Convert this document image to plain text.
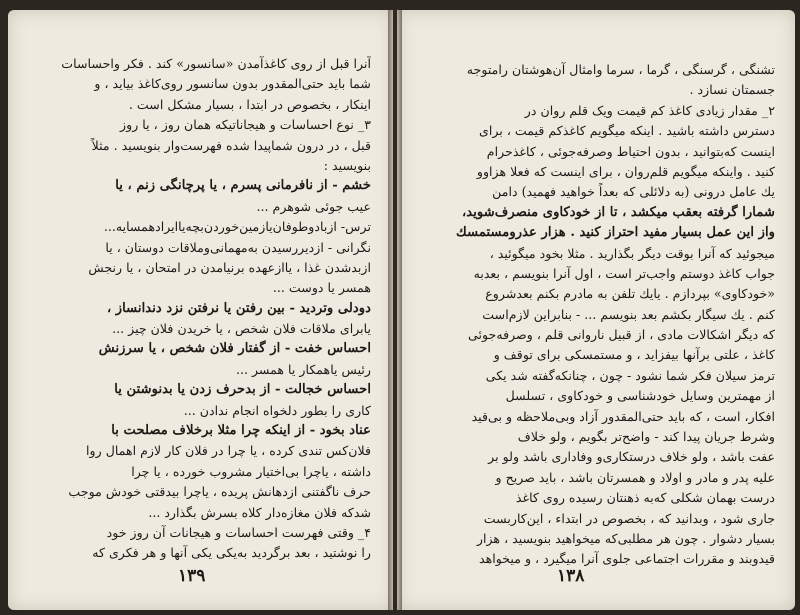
آنرا قبل از روی کاغذآمدن «سانسور» کند . فکر واحساسات
شما باید حتی‌المقدور بدون سانسور روی‌کاغذ بیاید ، و
اینکار ، بخصوص در ابتدا ، بسیار مشکل است .
۳_ نوع احساسات و هیجاناتیکه همان روز ، یا روز
قبل ، در درون شماپیدا شده فهرست‌وار بنویسید . مثلاً
بنویسید :
خشم - از نافرمانی پسرم ، یا پرچانگی زنم ، یا
عیب جوئی شوهرم ...
ترس- ازبادوطوفان‌یازمین‌خوردن‌بچه‌یاایرادهمسایه...
نگرانی - ازدیررسیدن به‌مهمانی‌وملاقات دوستان ، یا
ازبدشدن غذا ، یاازعهده برنیامدن در امتحان ، یا رنجش
همسر یا دوست ...
دودلی وتردید - بین رفتن یا نرفتن نزد دندانساز ،
یابرای ملاقات فلان شخص ، یا خریدن فلان چیز ...
احساس خفت - از گفتار فلان شخص ، یا سرزنش
رئیس یاهمکار یا همسر ...
احساس خجالت - از بدحرف زدن یا بدنوشتن یا
کاری را بطور دلخواه انجام ندادن ...
عناد بخود - از اینکه چرا مثلا برخلاف مصلحت با
فلان‌کس تندی کرده ، یا چرا در فلان کار لازم اهمال روا
داشته ، یاچرا بی‌اختیار مشروب خورده ، یا چرا
حرف ناگفتنی ازدهانش پریده ، یاچرا بیدقتی خودش موجب
شدکه فلان مغازه‌دار کلاه بسرش بگذارد ...
۴_ وقتی فهرست احساسات و هیجانات آن روز خود
را نوشتید ، بعد برگردید به‌یکی یکی آنها و هر فکری که
۱۳۹
تشنگی ، گرسنگی ، گرما ، سرما وامثال آن‌هوشتان رامتوجه
جسمتان نسازد .
۲_ مقدار زیادی کاغذ کم قیمت ویک قلم روان در
دسترس داشته باشید . اینکه میگویم کاغذکم قیمت ، برای
اینست که‌بتوانید ، بدون احتیاط وصرفه‌جوئی ، کاغذحرام
کنید . واینکه میگویم قلم‌روان ، برای اینست که فعلا هزاوو
یك عامل درونی (به دلائلی که بعداً خواهید فهمید) دامن
شمارا گرفته بعقب میکشد ، تا از خودکاوی منصرف‌شوید،
واز این عمل بسیار مفید احتراز کنید . هزار عذرومستمسك
میجوئید که آنرا بوقت دیگر بگذارید . مثلا بخود میگوئید ،
جواب کاغذ دوستم واجب‌تر است ، اول آنرا بنویسم ، بعدبه
«خودکاوی» بپردازم . یایك تلفن به مادرم بکنم بعدشروع
کنم . یك سیگار بکشم بعد بنویسم ... - بنابراین لازم‌است
که دیگر اشکالات مادی ، از قبیل ناروانی قلم ، وصرفه‌جوئی
کاغذ ، علتی برآنها بیفزاید ، و مستمسکی برای توقف و
ترمز سیلان فکر شما نشود - چون ، چنانکه‌گفته شد یکی
از مهمترین وسایل خودشناسی و خودکاوی ، تسلسل
افکار، است ، که باید حتی‌المقدور آزاد وبی‌ملاحظه و بی‌قید
وشرط جریان پیدا کند - واضح‌تر بگویم ، ولو خلاف
عفت باشد ، ولو خلاف درستکاری‌و وفاداری باشد ولو بر
علیه پدر و مادر و اولاد و همسرتان باشد ، باید صریح و
درست بهمان شکلی که‌به ذهنتان رسیده روی کاغذ
جاری شود ، وبدانید که ، بخصوص در ابتداء ، این‌کاربست
بسیار دشوار . چون هر مطلبی‌که میخواهید بنویسید ، هزار
قیدوبند و مقررات اجتماعی جلوی آنرا میگیرد ، و میخواهد
۱۳۸
